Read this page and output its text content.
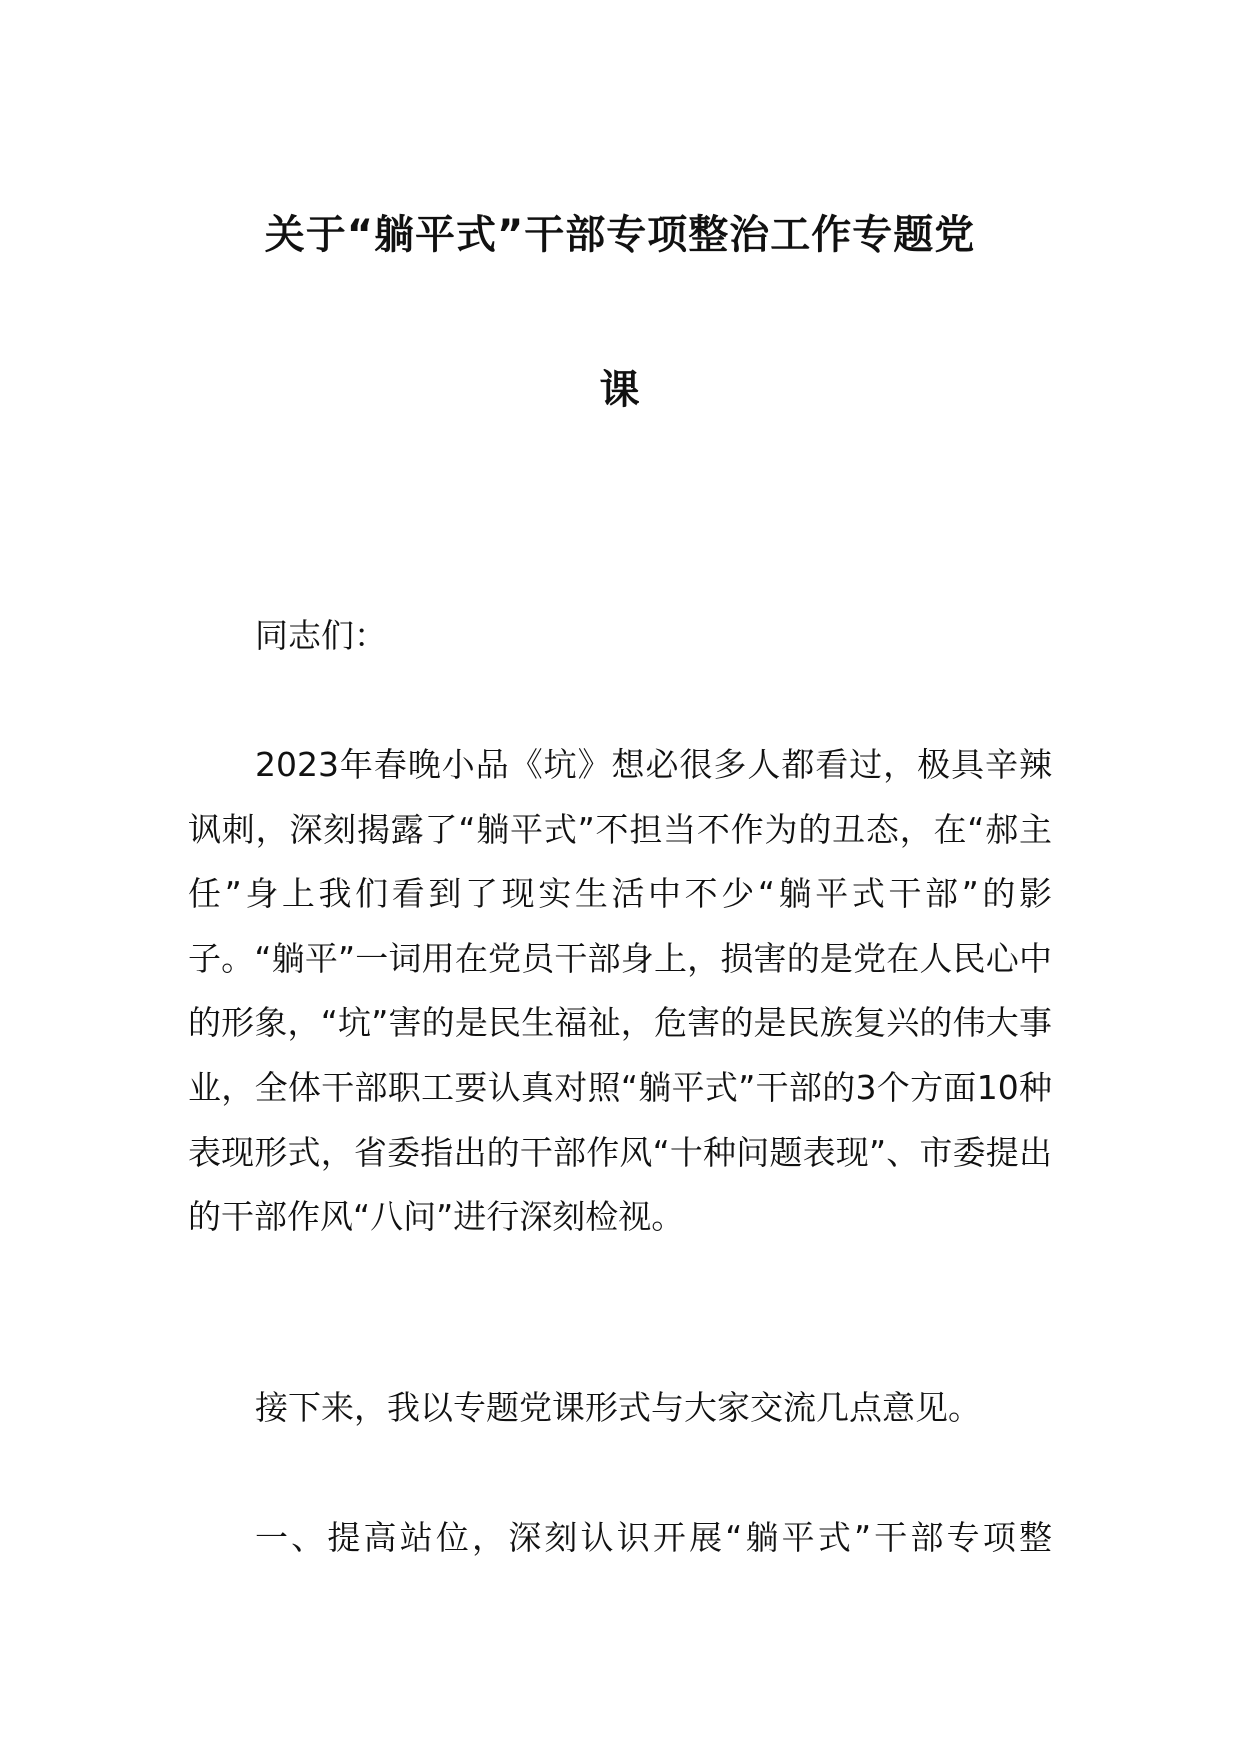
关于“躺平式”干部专项整治工作专题党
课

同志们：

2023年春晚小品《坑》想必很多人都看过，极具辛辣讽刺，深刻揭露了“躺平式”不担当不作为的丑态，在“郝主任”身上我们看到了现实生活中不少“躺平式干部”的影子。“躺平”一词用在党员干部身上，损害的是党在人民心中的形象，“坑”害的是民生福祉，危害的是民族复兴的伟大事业，全体干部职工要认真对照“躺平式”干部的3个方面10种表现形式，省委指出的干部作风“十种问题表现”、市委提出的干部作风“八问”进行深刻检视。

接下来，我以专题党课形式与大家交流几点意见。

一、提高站位，深刻认识开展“躺平式”干部专项整
